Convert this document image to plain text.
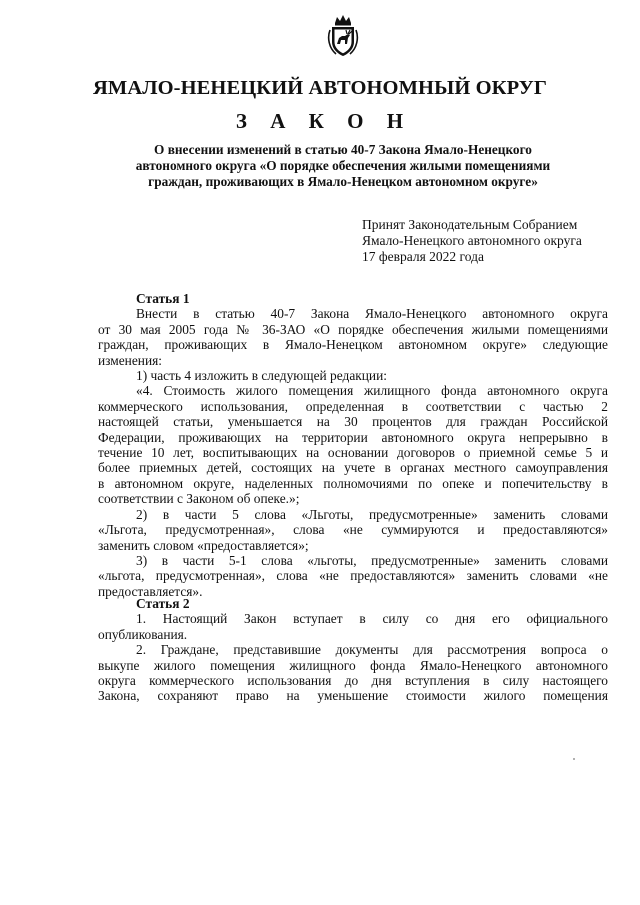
ЯМАЛО-НЕНЕЦКИЙ АВТОНОМНЫЙ ОКРУГ
З А К О Н
О внесении изменений в статью 40-7 Закона Ямало-Ненецкого
автономного округа «О порядке обеспечения жилыми помещениями
граждан, проживающих в Ямало-Ненецком автономном округе»
Принят Законодательным Собранием
Ямало-Ненецкого автономного округа
17 февраля 2022 года
Статья 1
Внести в статью 40-7 Закона Ямало-Ненецкого автономного округа
от 30 мая 2005 года № 36-ЗАО «О порядке обеспечения жилыми помещениями
граждан, проживающих в Ямало-Ненецком автономном округе» следующие
изменения:
1) часть 4 изложить в следующей редакции:
«4. Стоимость жилого помещения жилищного фонда автономного округа
коммерческого использования, определенная в соответствии с частью 2
настоящей статьи, уменьшается на 30 процентов для граждан Российской
Федерации, проживающих на территории автономного округа непрерывно в
течение 10 лет, воспитывающих на основании договоров о приемной семье 5 и
более приемных детей, состоящих на учете в органах местного самоуправления
в автономном округе, наделенных полномочиями по опеке и попечительству в
соответствии с Законом об опеке.»;
2) в части 5 слова «Льготы, предусмотренные» заменить словами
«Льгота, предусмотренная», слова «не суммируются и предоставляются»
заменить словом «предоставляется»;
3) в части 5-1 слова «льготы, предусмотренные» заменить словами
«льгота, предусмотренная», слова «не предоставляются» заменить словами «не
предоставляется».
Статья 2
1. Настоящий Закон вступает в силу со дня его официального
опубликования.
2. Граждане, представившие документы для рассмотрения вопроса о
выкупе жилого помещения жилищного фонда Ямало-Ненецкого автономного
округа коммерческого использования до дня вступления в силу настоящего
Закона, сохраняют право на уменьшение стоимости жилого помещения
